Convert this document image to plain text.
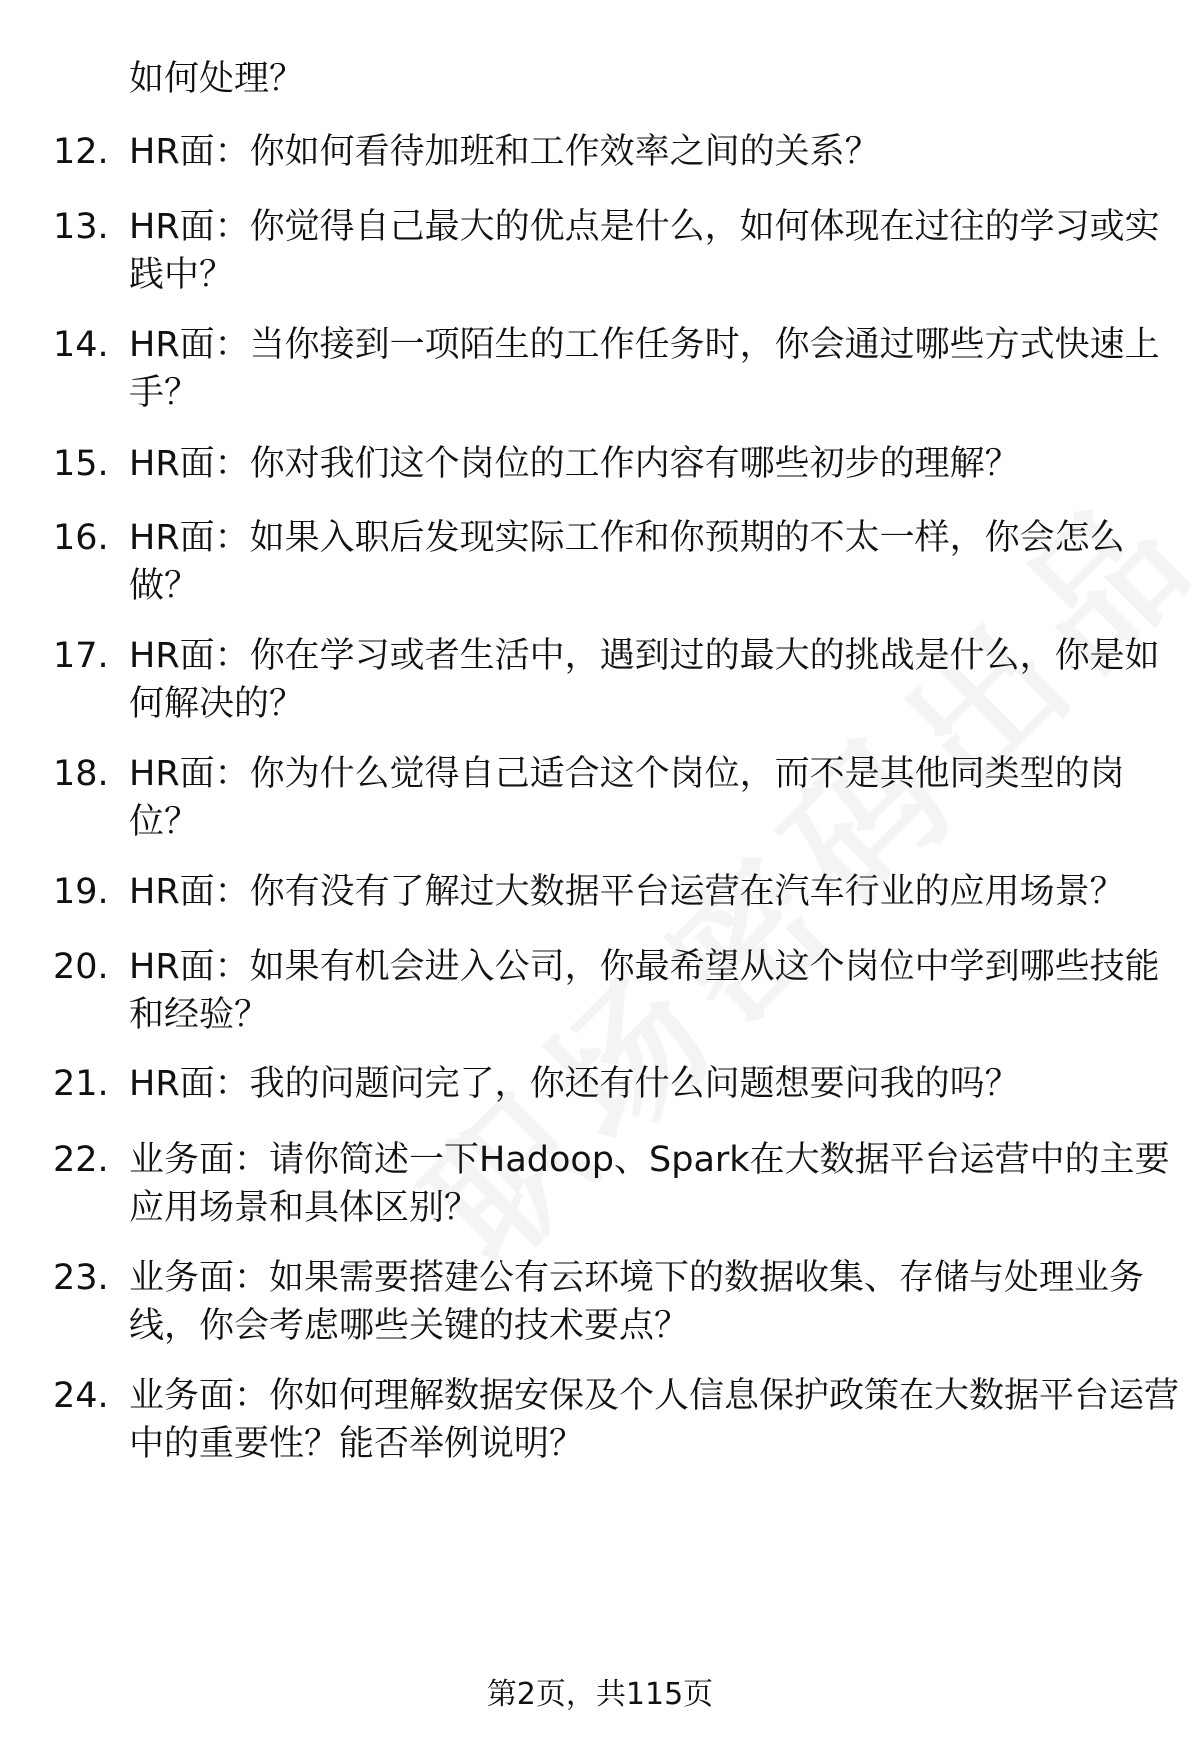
如何处理？
12. HR面：你如何看待加班和工作效率之间的关系？
13. HR面：你觉得自己最大的优点是什么，如何体现在过往的学习或实践中？
14. HR面：当你接到一项陌生的工作任务时，你会通过哪些方式快速上手？
15. HR面：你对我们这个岗位的工作内容有哪些初步的理解？
16. HR面：如果入职后发现实际工作和你预期的不太一样，你会怎么做？
17. HR面：你在学习或者生活中，遇到过的最大的挑战是什么，你是如何解决的？
18. HR面：你为什么觉得自己适合这个岗位，而不是其他同类型的岗位？
19. HR面：你有没有了解过大数据平台运营在汽车行业的应用场景？
20. HR面：如果有机会进入公司，你最希望从这个岗位中学到哪些技能和经验？
21. HR面：我的问题问完了，你还有什么问题想要问我的吗？
22. 业务面：请你简述一下Hadoop、Spark在大数据平台运营中的主要应用场景和具体区别？
23. 业务面：如果需要搭建公有云环境下的数据收集、存储与处理业务线，你会考虑哪些关键的技术要点？
24. 业务面：你如何理解数据安保及个人信息保护政策在大数据平台运营中的重要性？能否举例说明？
第2页，共115页
